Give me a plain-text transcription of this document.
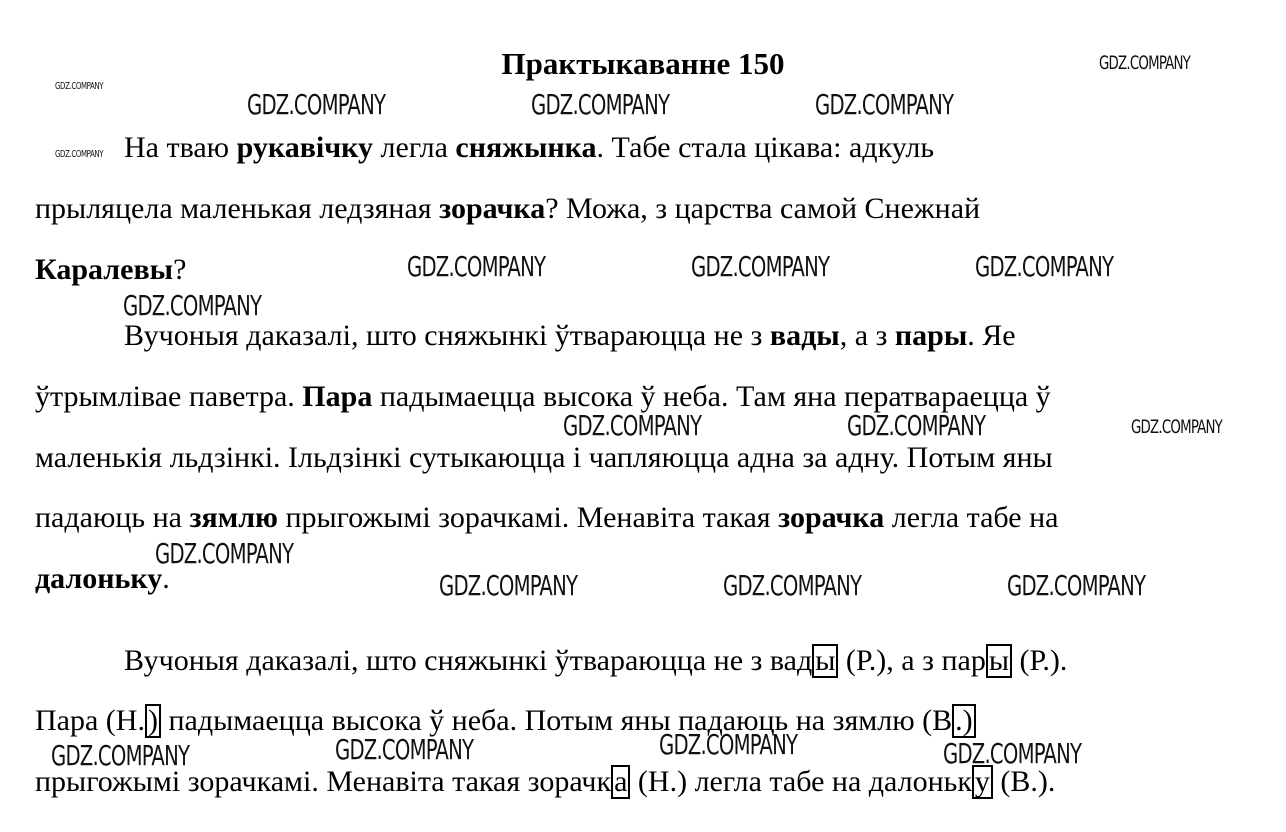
Практыкаванне 150
На тваю рукавічку легла сняжынка. Табе стала цікава: адкуль
прыляцела маленькая ледзяная зорачка? Можа, з царства самой Снежнай
Каралевы?
Вучоныя даказалі, што сняжынкі ўтвараюцца не з вады, а з пары. Яе
ўтрымлівае паветра. Пара падымаецца высока ў неба. Там яна ператвараецца ў
маленькія льдзінкі. Ільдзінкі сутыкаюцца і чапляюцца адна за адну. Потым яны
падаюць на зямлю прыгожымі зорачкамі. Менавіта такая зорачка легла табе на
далоньку.
Вучоныя даказалі, што сняжынкі ўтвараюцца не з вад ы (Р.), а з пар ы (Р.).
Пара (Н. ) падымаецца высока ў неба. Потым яны падаюць на зямлю (В .)
прыгожымі зорачкамі. Менавіта такая зорачк а (Н.) легла табе на далоньк у (В.).
GDZ.COMPANY
GDZ.COMPANY
GDZ.COMPANY	GDZ.COMPANY	GDZ.COMPANY
GDZ.COMPANY
GDZ.COMPANY	GDZ.COMPANY	GDZ.COMPANY
GDZ.COMPANY
GDZ.COMPANY	GDZ.COMPANY	GDZ.COMPANY
GDZ.COMPANY
GDZ.COMPANY	GDZ.COMPANY	GDZ.COMPANY
GDZ.COMPANY	GDZ.COMPANY	GDZ.COMPANY	GDZ.COMPANY
